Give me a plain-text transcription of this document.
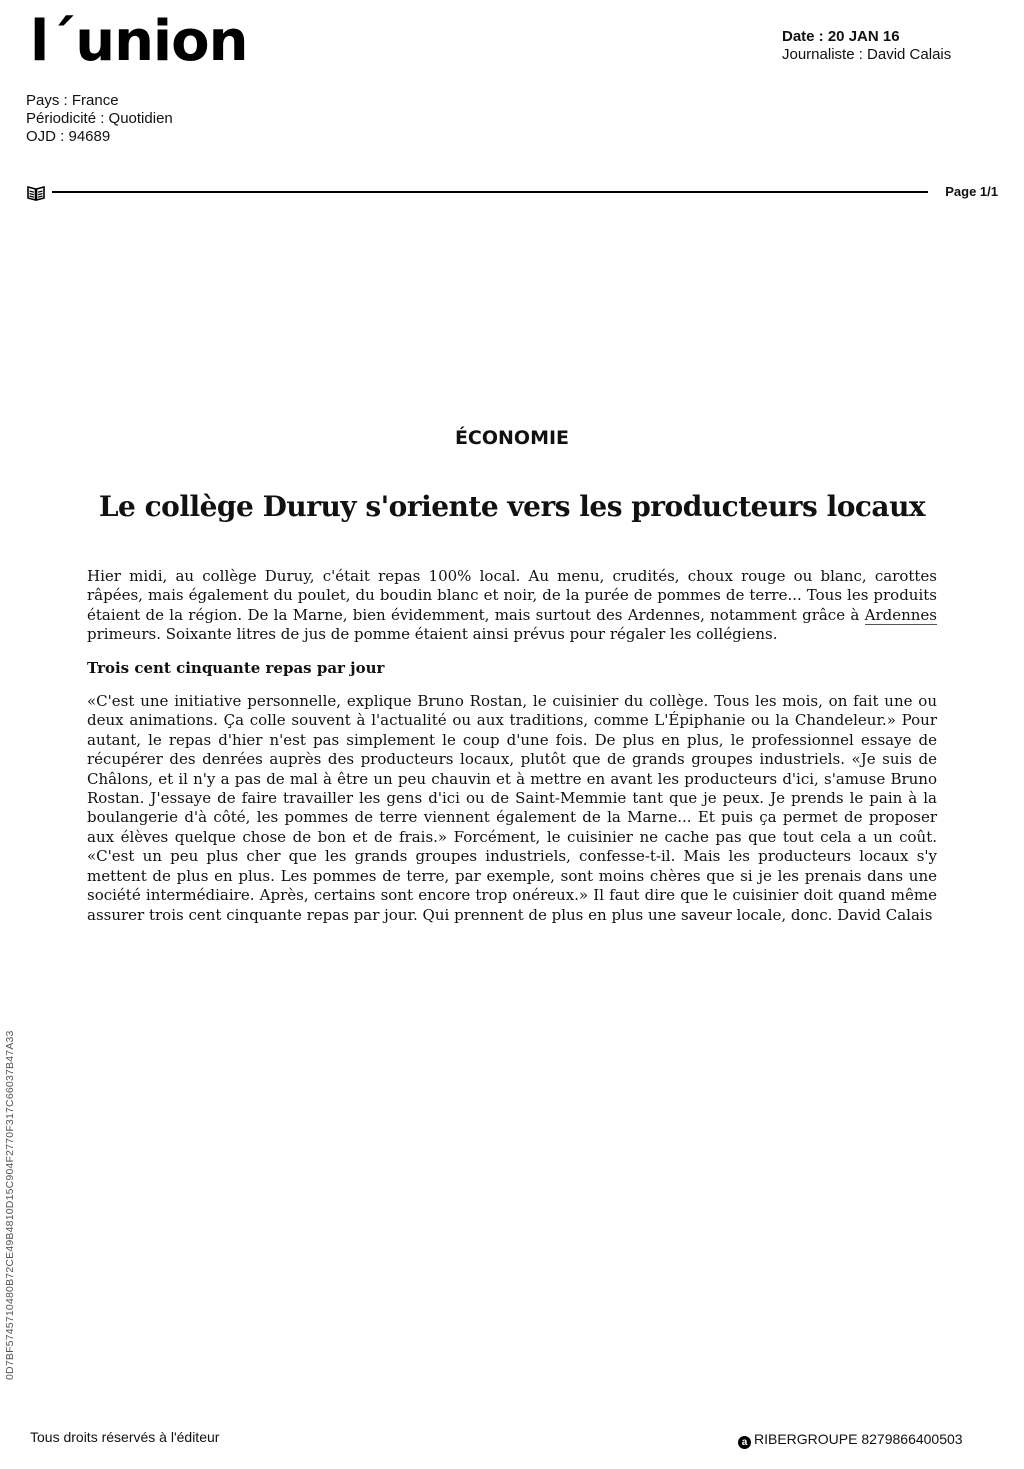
l´union	Date : 20 JAN 16
Journaliste : David Calais
Pays : France
Périodicité : Quotidien
OJD : 94689
Page 1/1
ÉCONOMIE
Le collège Duruy s'oriente vers les producteurs locaux

Hier midi, au collège Duruy, c'était repas 100% local. Au menu, crudités, choux rouge ou blanc, carottes râpées, mais également du poulet, du boudin blanc et noir, de la purée de pommes de terre... Tous les produits étaient de la région. De la Marne, bien évidemment, mais surtout des Ardennes, notamment grâce à Ardennes primeurs. Soixante litres de jus de pomme étaient ainsi prévus pour régaler les collégiens.

Trois cent cinquante repas par jour

«C'est une initiative personnelle, explique Bruno Rostan, le cuisinier du collège. Tous les mois, on fait une ou deux animations. Ça colle souvent à l'actualité ou aux traditions, comme L'Épiphanie ou la Chandeleur.» Pour autant, le repas d'hier n'est pas simplement le coup d'une fois. De plus en plus, le professionnel essaye de récupérer des denrées auprès des producteurs locaux, plutôt que de grands groupes industriels. «Je suis de Châlons, et il n'y a pas de mal à être un peu chauvin et à mettre en avant les producteurs d'ici, s'amuse Bruno Rostan. J'essaye de faire travailler les gens d'ici ou de Saint-Memmie tant que je peux. Je prends le pain à la boulangerie d'à côté, les pommes de terre viennent également de la Marne... Et puis ça permet de proposer aux élèves quelque chose de bon et de frais.» Forcément, le cuisinier ne cache pas que tout cela a un coût. «C'est un peu plus cher que les grands groupes industriels, confesse-t-il. Mais les producteurs locaux s'y mettent de plus en plus. Les pommes de terre, par exemple, sont moins chères que si je les prenais dans une société intermédiaire. Après, certains sont encore trop onéreux.» Il faut dire que le cuisinier doit quand même assurer trois cent cinquante repas par jour. Qui prennent de plus en plus une saveur locale, donc. David Calais

0D7BF5745710480B72CE49B4810D15C904F2770F317C66037B47A33
Tous droits réservés à l'éditeur	a RIBERGROUPE 8279866400503
